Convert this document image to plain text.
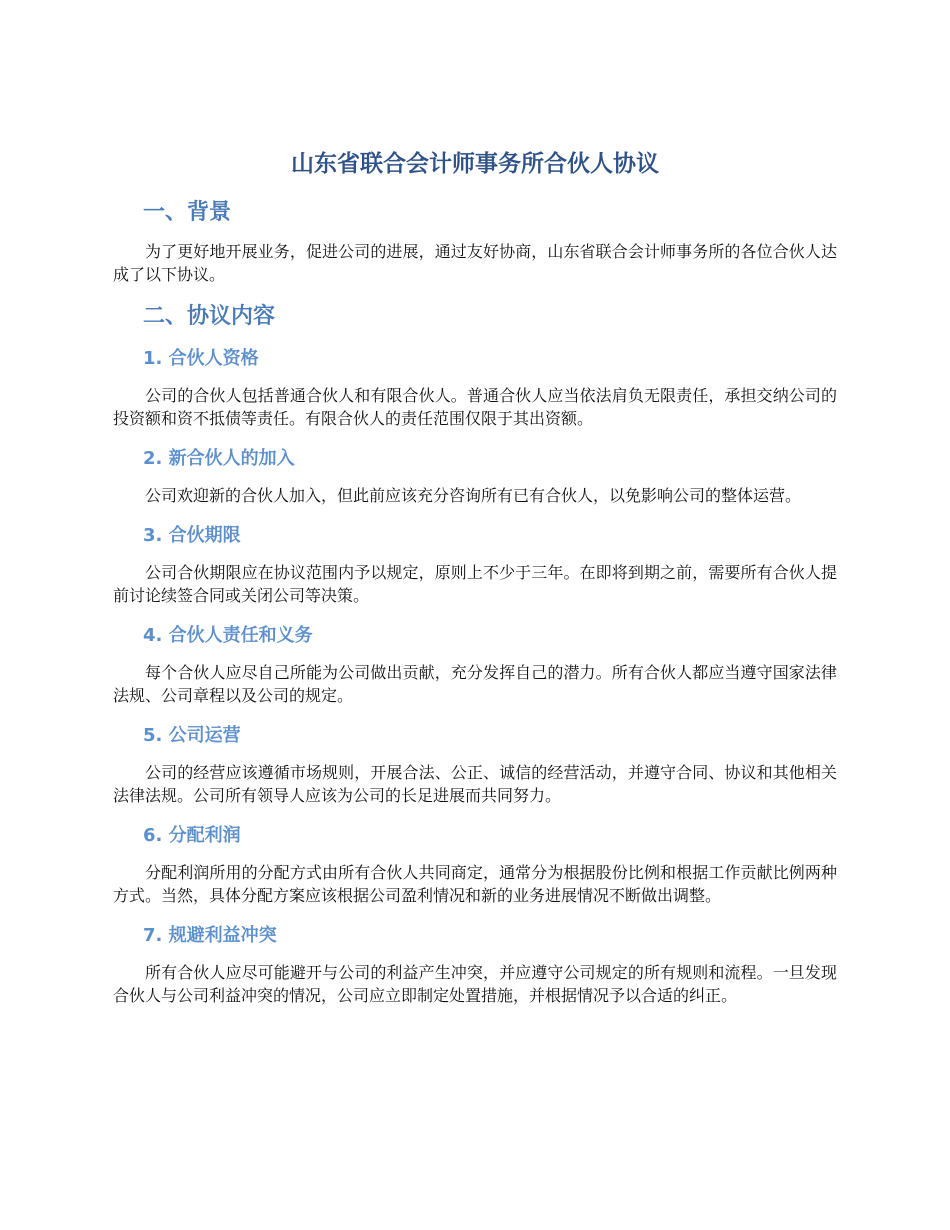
山东省联合会计师事务所合伙人协议
一、背景

为了更好地开展业务，促进公司的进展，通过友好协商，山东省联合会计师事务所的各位合伙人达成了以下协议。

二、协议内容
1. 合伙人资格

公司的合伙人包括普通合伙人和有限合伙人。普通合伙人应当依法肩负无限责任，承担交纳公司的投资额和资不抵债等责任。有限合伙人的责任范围仅限于其出资额。

2. 新合伙人的加入

公司欢迎新的合伙人加入，但此前应该充分咨询所有已有合伙人，以免影响公司的整体运营。

3. 合伙期限

公司合伙期限应在协议范围内予以规定，原则上不少于三年。在即将到期之前，需要所有合伙人提前讨论续签合同或关闭公司等决策。

4. 合伙人责任和义务

每个合伙人应尽自己所能为公司做出贡献，充分发挥自己的潜力。所有合伙人都应当遵守国家法律法规、公司章程以及公司的规定。

5. 公司运营

公司的经营应该遵循市场规则，开展合法、公正、诚信的经营活动，并遵守合同、协议和其他相关法律法规。公司所有领导人应该为公司的长足进展而共同努力。

6. 分配利润

分配利润所用的分配方式由所有合伙人共同商定，通常分为根据股份比例和根据工作贡献比例两种方式。当然，具体分配方案应该根据公司盈利情况和新的业务进展情况不断做出调整。

7. 规避利益冲突

所有合伙人应尽可能避开与公司的利益产生冲突，并应遵守公司规定的所有规则和流程。一旦发现合伙人与公司利益冲突的情况，公司应立即制定处置措施，并根据情况予以合适的纠正。
